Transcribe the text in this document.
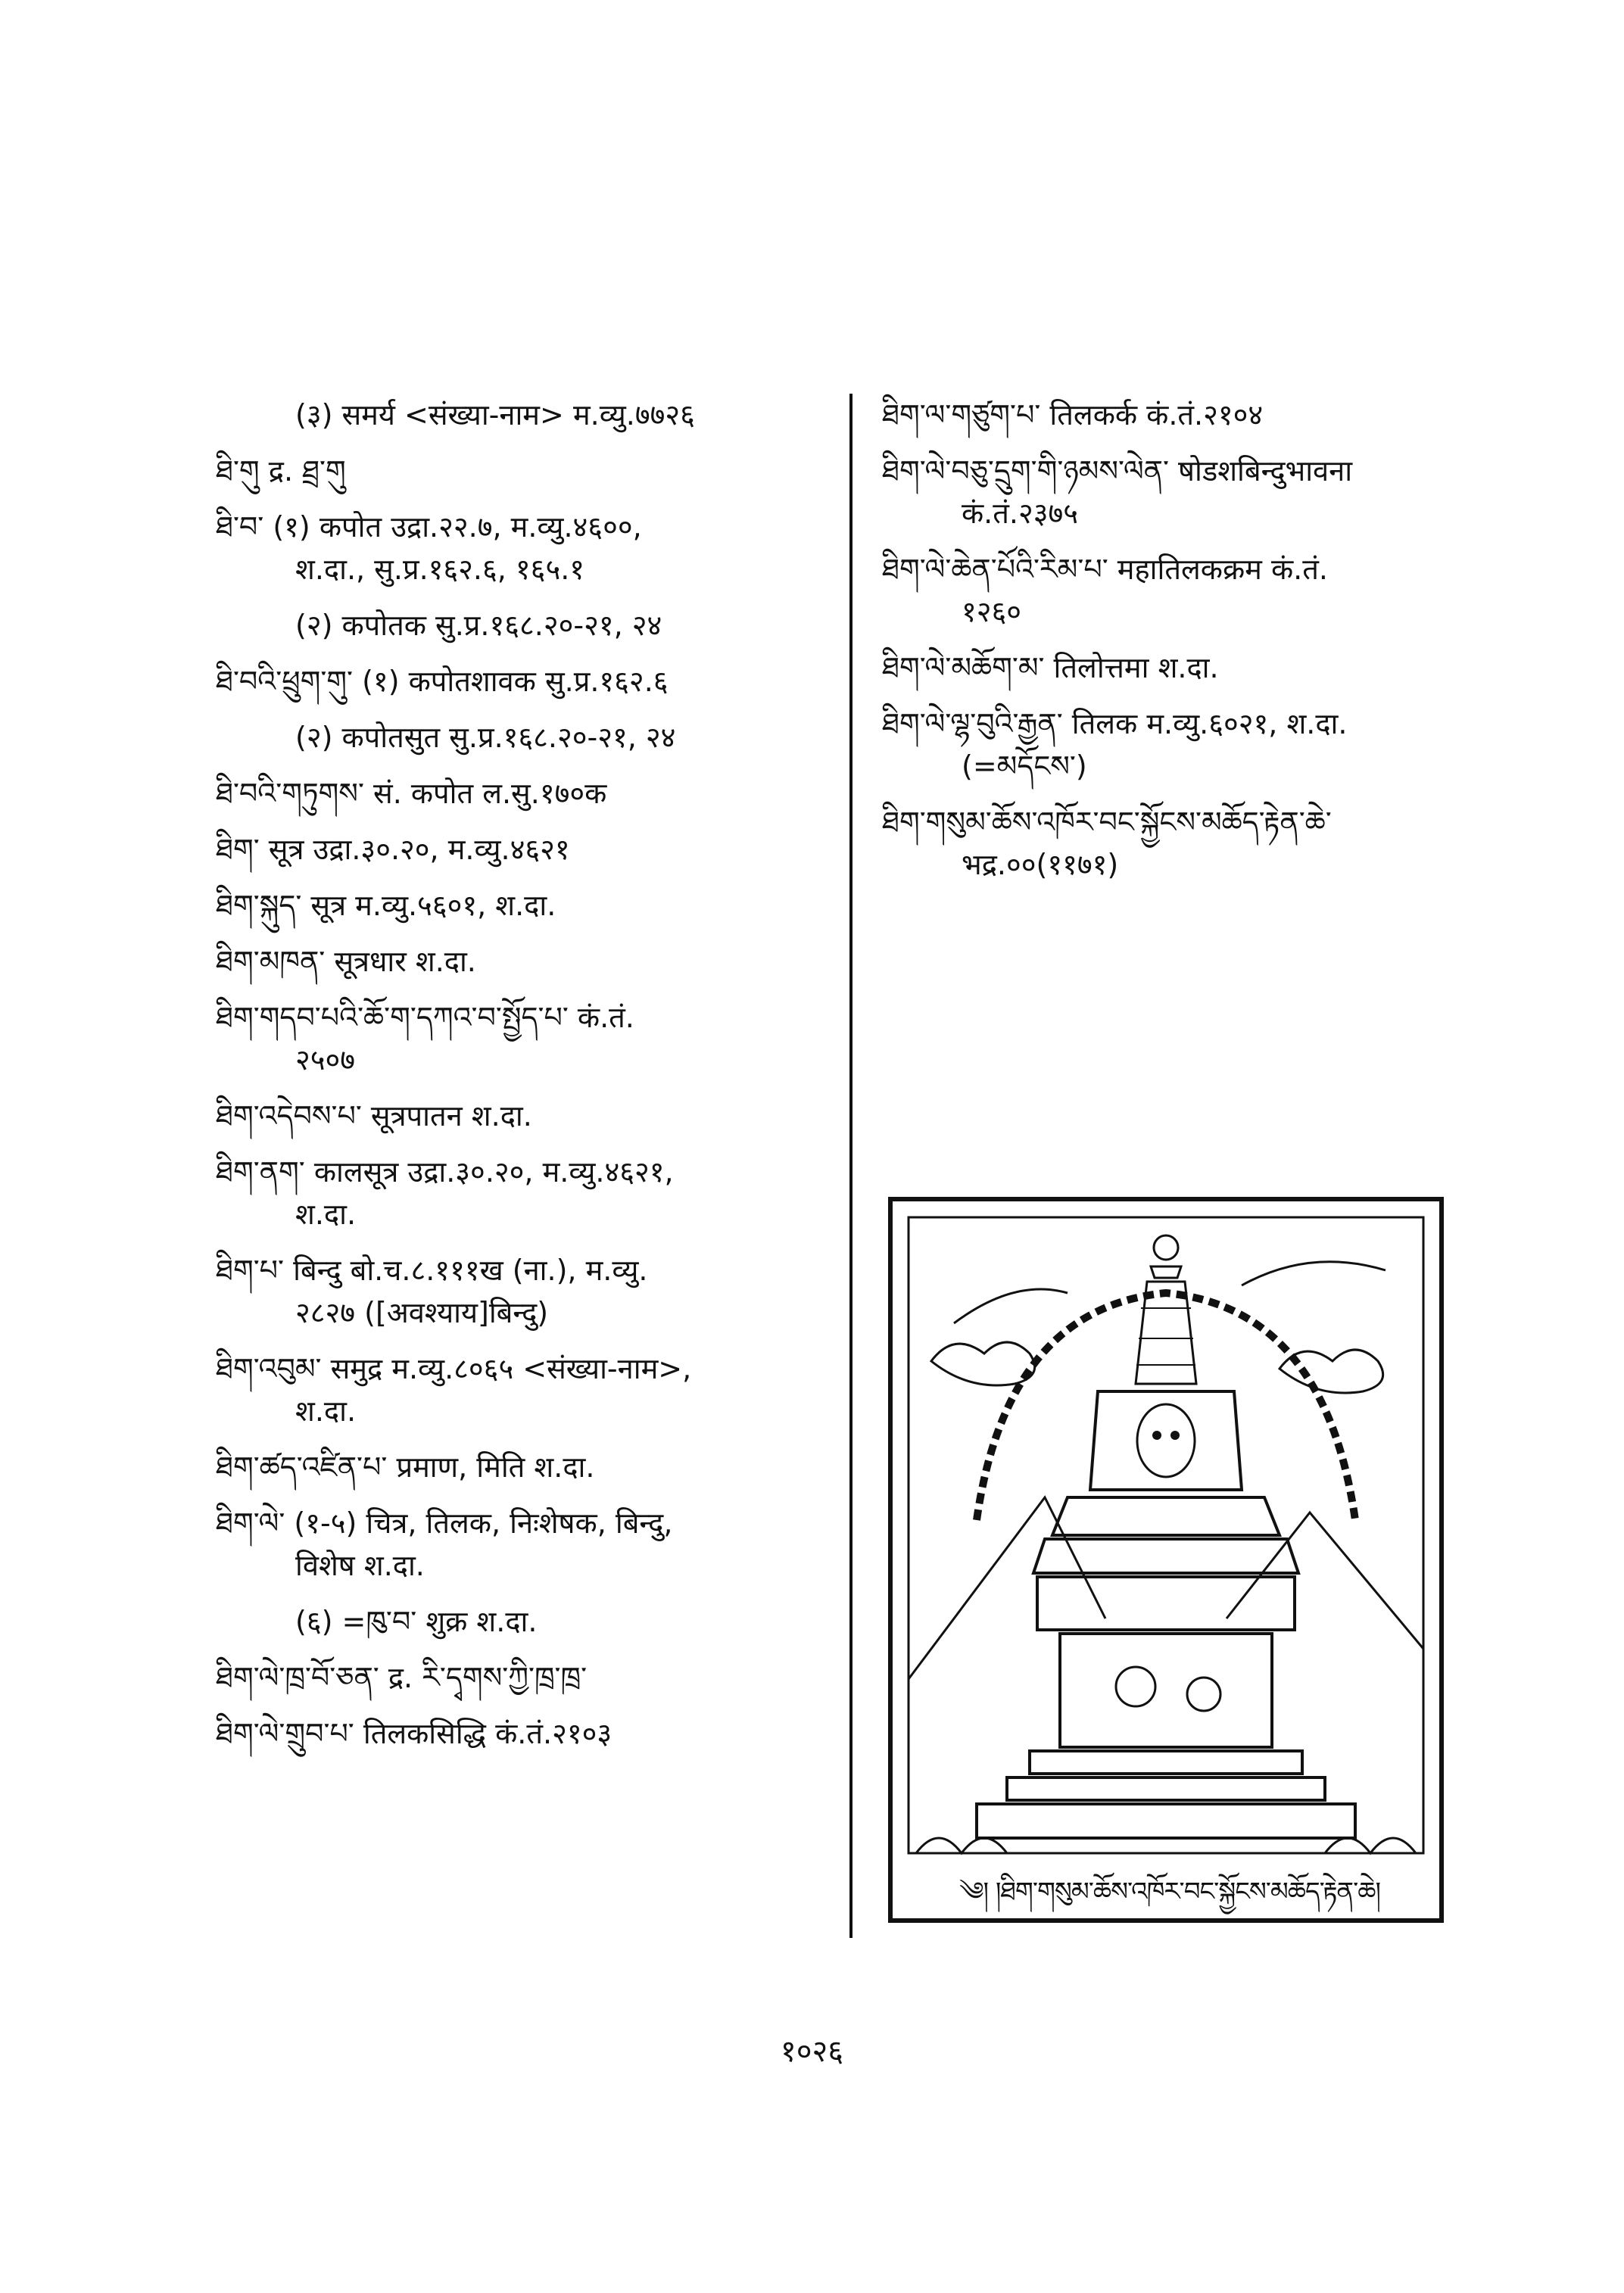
(३) समर्य <संख्या-नाम> म.व्यु.७७२६
ཐི་གུ द्र. ཐྲ་གུ
ཐི་བ་ (१) कपोत उद्रा.२२.७, म.व्यु.४६००,
श.दा., सु.प्र.१६२.६, १६५.१
(२) कपोतक सु.प्र.१६८.२०-२१, २४
ཐི་བའི་ཕྲུག་གུ་ (१) कपोतशावक सु.प्र.१६२.६
(२) कपोतसुत सु.प्र.१६८.२०-२१, २४
ཐི་བའི་གཏུགས་ सं. कपोत ल.सु.१७०क
ཐིག་ सूत्र उद्रा.३०.२०, म.व्यु.४६२१
ཐིག་སྐུད་ सूत्र म.व्यु.५६०१, श.दा.
ཐིག་མཁན་ सूत्रधार श.दा.
ཐིག་གདབ་པའི་ཆོ་ག་དཀའ་བ་སྤྱོད་པ་ कं.तं.
२५०७
ཐིག་འདེབས་པ་ सूत्रपातन श.दा.
ཐིག་ནག་ कालसूत्र उद्रा.३०.२०, म.व्यु.४६२१,
श.दा.
ཐིག་པ་ बिन्दु बो.च.८.१११ख (ना.), म.व्यु.
२८२७ ([अवश्याय]बिन्दु)
ཐིག་འབུམ་ समुद्र म.व्यु.८०६५ <संख्या-नाम>,
श.दा.
ཐིག་ཚད་འཛིན་པ་ प्रमाण, मिति श.दा.
ཐིག་ལེ་ (१-५) चित्र, तिलक, निःशेषक, बिन्दु,
विशेष श.दा.
(६) =ཁུ་བ་ शुक्र श.दा.
ཐིག་ལེ་ཁྲ་བོ་ཅན་ द्र. རི་དྭགས་ཀྱི་ཁྲ་ཁྲ་
ཐིག་ལེ་གྲུབ་པ་ तिलकसिद्धि कं.तं.२१०३
ཐིག་ལ་གཙུག་པ་ तिलकर्क कं.तं.२१०४
ཐིག་ལེ་བཅུ་དྲུག་གི་ཉམས་ལེན་ षोडशबिन्दुभावना
कं.तं.२३७५
ཐིག་ལེ་ཆེན་པོའི་རིམ་པ་ महातिलकक्रम कं.तं.
१२६०
ཐིག་ལེ་མཆོག་མ་ तिलोत्तमा श.दा.
ཐིག་ལེ་ལྷ་བུའི་རྒྱན་ तिलक म.व्यु.६०२१, श.दा.
(=མདོངས་)
ཐིག་གསུམ་ཆོས་འཁོར་བང་སྐྱོངས་མཆོད་རྟེན་ཆེ་
भद्र.००(११७१)
༄། །ཐིག་གསུམ་ཆོས་འཁོར་བང་སྐྱོངས་མཆོད་རྟེན་ཆེ།
१०२६
